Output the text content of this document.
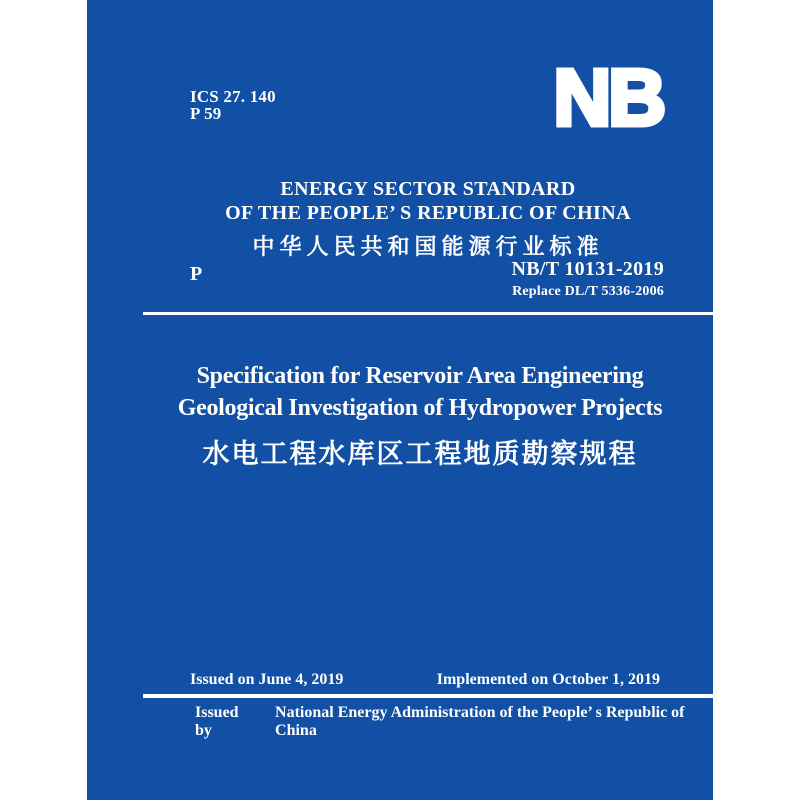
ICS 27. 140
P 59	NB
ENERGY SECTOR STANDARD
OF THE PEOPLE’ S REPUBLIC OF CHINA
中华人民共和国能源行业标准
P	NB/T 10131-2019
Replace DL/T 5336-2006
Specification for Reservoir Area Engineering
Geological Investigation of Hydropower Projects
水电工程水库区工程地质勘察规程
Issued on June 4, 2019	Implemented on October 1, 2019
Issued by
National Energy Administration of the People’ s Republic of China
